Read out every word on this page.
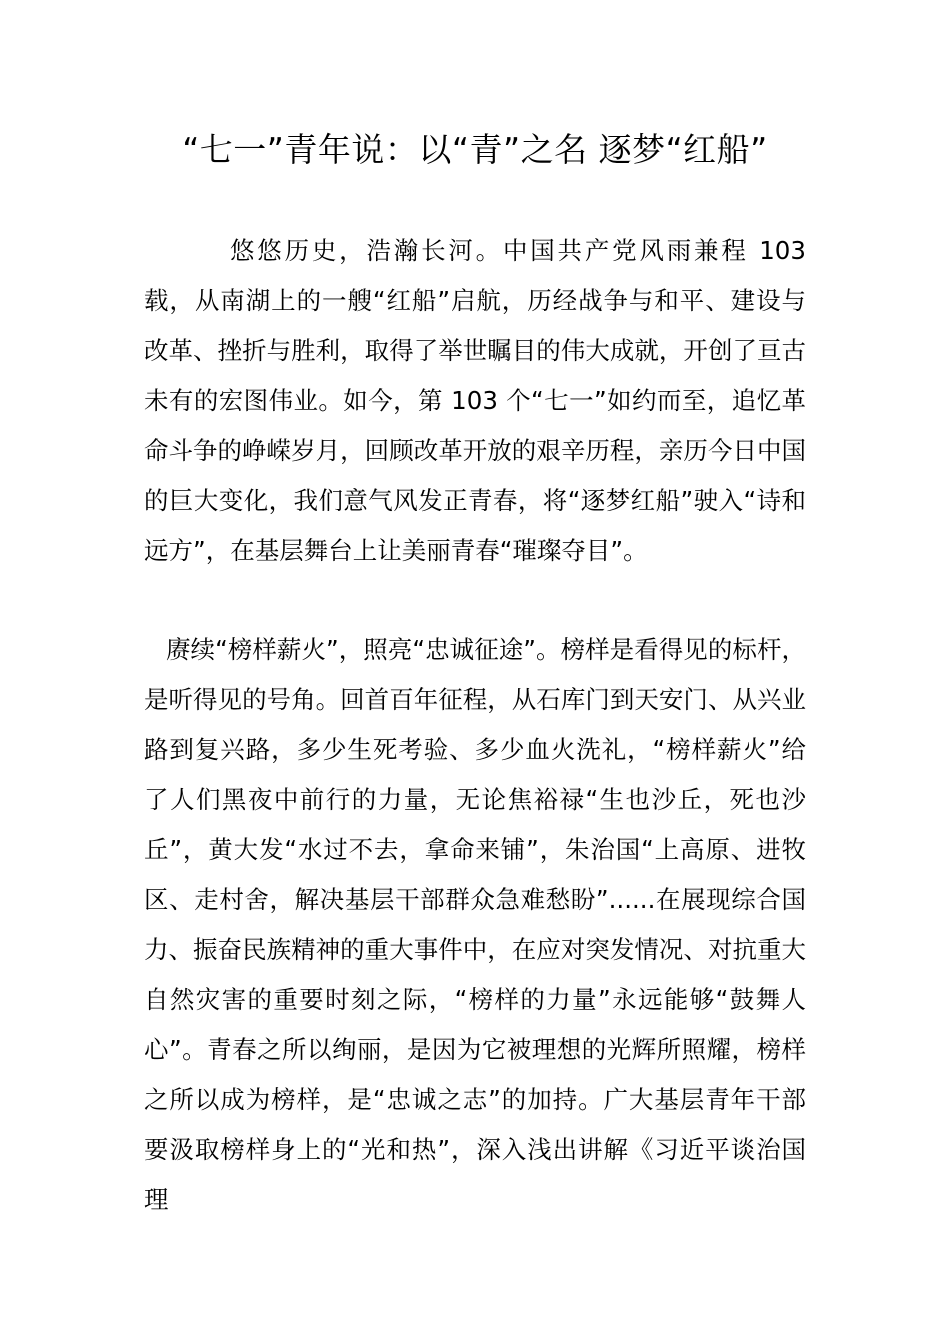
“七一”青年说：以“青”之名 逐梦“红船”

悠悠历史，浩瀚长河。中国共产党风雨兼程 103 载，从南湖上的一艘“红船”启航，历经战争与和平、建设与改革、挫折与胜利，取得了举世瞩目的伟大成就，开创了亘古未有的宏图伟业。如今，第 103 个“七一”如约而至，追忆革命斗争的峥嵘岁月，回顾改革开放的艰辛历程，亲历今日中国的巨大变化，我们意气风发正青春，将“逐梦红船”驶入“诗和远方”，在基层舞台上让美丽青春“璀璨夺目”。

赓续“榜样薪火”，照亮“忠诚征途”。榜样是看得见的标杆，是听得见的号角。回首百年征程，从石库门到天安门、从兴业路到复兴路，多少生死考验、多少血火洗礼，“榜样薪火”给了人们黑夜中前行的力量，无论焦裕禄“生也沙丘，死也沙丘”，黄大发“水过不去，拿命来铺”，朱治国“上高原、进牧区、走村舍，解决基层干部群众急难愁盼”......在展现综合国力、振奋民族精神的重大事件中，在应对突发情况、对抗重大自然灾害的重要时刻之际，“榜样的力量”永远能够“鼓舞人心”。青春之所以绚丽，是因为它被理想的光辉所照耀，榜样之所以成为榜样，是“忠诚之志”的加持。广大基层青年干部要汲取榜样身上的“光和热”，深入浅出讲解《习近平谈治国理
